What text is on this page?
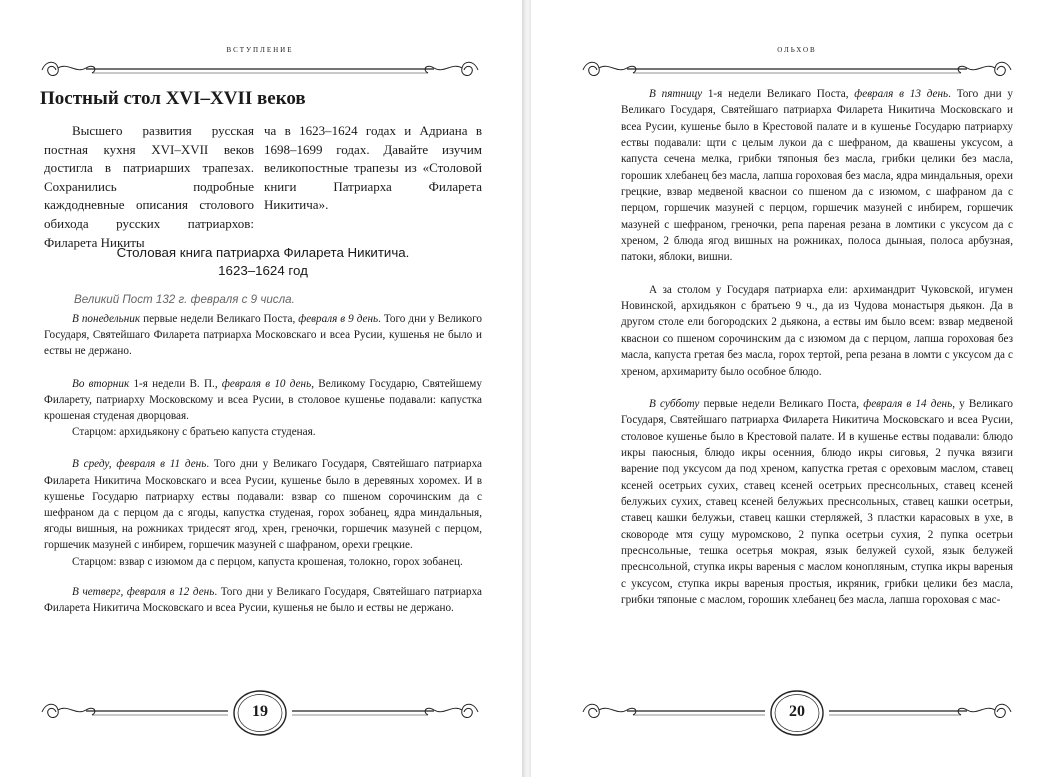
вступление
Постный стол XVI–XVII веков

Высшего развития русская постная кухня XVI–XVII веков достигла в патриарших трапезах. Сохранились подробные каждодневные описания столового обихода русских патриархов: Филарета Никиты

ча в 1623–1624 годах и Адриана в 1698–1699 годах. Давайте изучим великопостные трапезы из «Столовой книги Патриарха Филарета Никитича».

Столовая книга патриарха Филарета Никитича.
1623–1624 год

Великий Пост 132 г. февраля с 9 числа.

В понедельник первые недели Великаго Поста, февраля в 9 день. Того дни у Великого Государя, Святейшаго Филарета патриарха Московскаго и всеа Русии, кушенья не было и ествы не держано.

Во вторник 1-я недели В. П., февраля в 10 день, Великому Государю, Святейшему Филарету, патриарху Московскому и всеа Русии, в столовое кушенье подавали: капустка крошеная студеная дворцовая.

Старцом: архидьякону с братьею капуста студеная.

В среду, февраля в 11 день. Того дни у Великаго Государя, Святейшаго патриарха Филарета Никитича Московскаго и всеа Русии, кушенье было в деревяных хоромех. И в кушенье Государю патриарху ествы подавали: взвар со пшеном сорочинским да с шефраном да с перцом да с ягоды, капустка студеная, горох зобанец, ядра миндальныя, ягоды вишныя, на рожниках тридесят ягод, хрен, греночки, горшечик мазуней с перцом, горшечик мазуней с инбирем, горшечик мазуней с шафраном, орехи грецкие.

Старцом: взвар с изюмом да с перцом, капуста крошеная, толокно, горох зобанец.

В четверг, февраля в 12 день. Того дни у Великаго Государя, Святейшаго патриарха Филарета Никитича Московскаго и всеа Русии, кушенья не было и ествы не держано.

19
ольхов

В пятницу 1-я недели Великаго Поста, февраля в 13 день. Того дни у Великаго Государя, Святейшаго патриарха Филарета Никитича Московскаго и всеа Русии, кушенье было в Крестовой палате и в кушенье Государю патриарху ествы подавали: щти с целым лукои да с шефраном, да квашены уксусом, а капуста сечена мелка, грибки тяпоныя без масла, грибки целики без масла, горошик хлебанец без масла, лапша гороховая без масла, ядра миндальныя, орехи грецкие, взвар медвеной кваснои со пшеном да с изюмом, с шафраном да с перцом, горшечик мазуней с перцом, горшечик мазуней с инбирем, горшечик мазуней с шефраном, греночки, репа пареная резана в ломтики с уксусом да с хреном, 2 блюда ягод вишных на рожниках, полоса дыныая, полоса арбузная, патоки, яблоки, вишни.

А за столом у Государя патриарха ели: архимандрит Чуковской, игумен Новинской, архидьякон с братьею 9 ч., да из Чудова монастыря дьякон. Да в другом столе ели богородских 2 дьякона, а ествы им было всем: взвар медвеной кваснои со пшеном сорочинским да с изюмом да с перцом, лапша гороховая без масла, капуста гретая без масла, горох тертой, репа резана в ломти с уксусом да с хреном, архимариту было особное блюдо.

В субботу первые недели Великаго Поста, февраля в 14 день, у Великаго Государя, Святейшаго патриарха Филарета Никитича Московскаго и всеа Русии, столовое кушенье было в Крестовой палате. И в кушенье ествы подавали: блюдо икры паюсныя, блюдо икры осенния, блюдо икры сиговья, 2 пучка вязиги варение под уксусом да под хреном, капустка гретая с ореховым маслом, ставец ксеней осетрьих сухих, ставец ксеней осетрьих преснсольных, ставец ксеней белужьих сухих, ставец ксеней белужьих преснсольных, ставец кашки осетрьи, ставец кашки белужьи, ставец кашки стерляжей, 3 пластки карасовых в ухе, в сковороде мтя сущу муромсково, 2 пупка осетрьи сухия, 2 пупка осетрьи преснсольные, тешка осетрья мокрая, язык белужей сухой, язык белужей преснсольной, ступка икры вареныя с маслом конопляным, ступка икры вареныя с уксусом, ступка икры вареныя простыя, икряник, грибки целики без масла, грибки тяпоные с маслом, горошик хлебанец без масла, лапша гороховая с мас-

20
